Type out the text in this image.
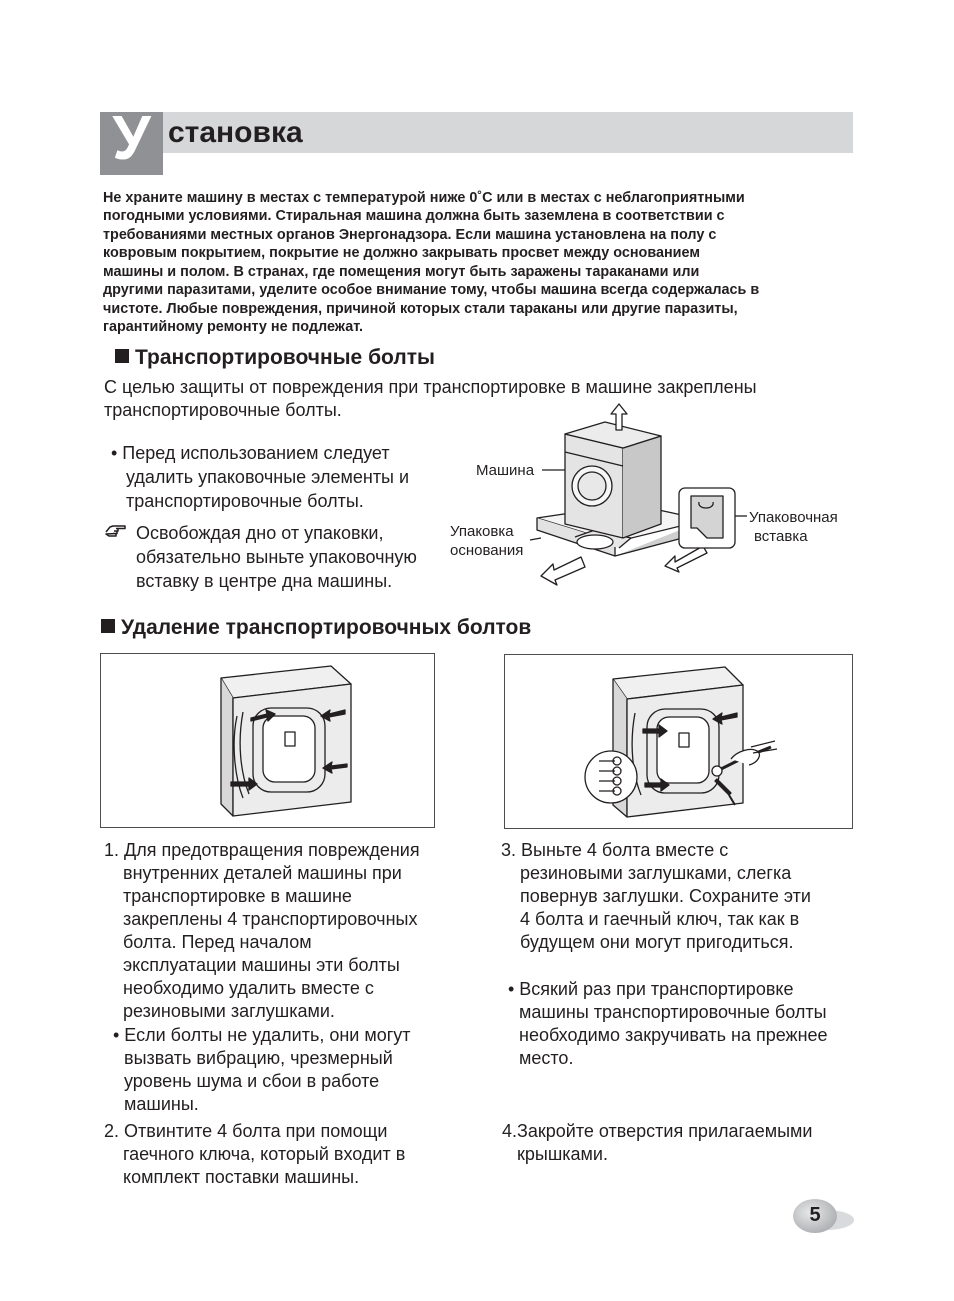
У становка
Не храните машину в местах с температурой ниже 0˚С или в местах с неблагоприятными
погодными условиями. Стиральная машина должна быть заземлена в соответствии с
требованиями местных органов Энергонадзора. Если машина установлена на полу с
ковровым покрытием, покрытие не должно закрывать просвет между основанием
машины и полом. В странах, где помещения могут быть заражены тараканами или
другими паразитами, уделите особое внимание тому, чтобы машина всегда содержалась в
чистоте. Любые повреждения, причиной которых стали тараканы или другие паразиты,
гарантийному ремонту не подлежат.
Транспортировочные болты
С целью защиты от повреждения при транспортировке в машине закреплены
транспортировочные болты.
• Перед использованием следует
удалить упаковочные элементы и
транспортировочные болты.
Освобождая дно от упаковки,
обязательно выньте упаковочную
вставку в центре дна машины.
Машина
Упаковка
основания
Упаковочная
вставка
Удаление транспортировочных болтов
1. Для предотвращения повреждения
внутренних деталей машины при
транспортировке в машине
закреплены 4 транспортировочных
болта. Перед началом
эксплуатации машины эти болты
необходимо удалить вместе с
резиновыми заглушками.
• Если болты не удалить, они могут
вызвать вибрацию, чрезмерный
уровень шума и сбои в работе
машины.
2. Отвинтите 4 болта при помощи
гаечного ключа, который входит в
комплект поставки машины.
3. Выньте 4 болта вместе с
резиновыми заглушками, слегка
повернув заглушки. Сохраните эти
4 болта и гаечный ключ, так как в
будущем они могут пригодиться.
• Всякий раз при транспортировке
машины транспортировочные болты
необходимо закручивать на прежнее
место.
4.Закройте отверстия прилагаемыми
крышками.
5
